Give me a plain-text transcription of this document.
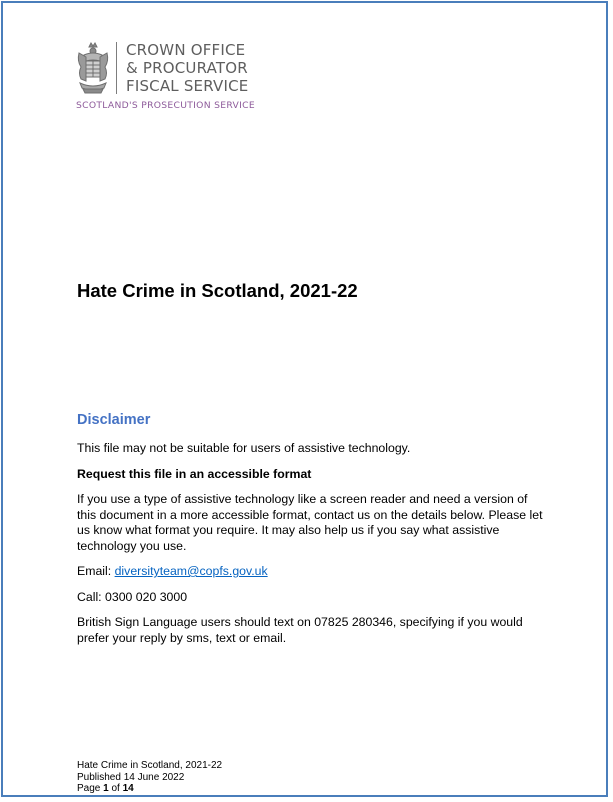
CROWN OFFICE
& PROCURATOR
FISCAL SERVICE
SCOTLAND'S PROSECUTION SERVICE
Hate Crime in Scotland, 2021-22
Disclaimer

This file may not be suitable for users of assistive technology.

Request this file in an accessible format

If you use a type of assistive technology like a screen reader and need a version of this document in a more accessible format, contact us on the details below. Please let us know what format you require. It may also help us if you say what assistive technology you use.

Email: diversityteam@copfs.gov.uk

Call: 0300 020 3000

British Sign Language users should text on 07825 280346, specifying if you would prefer your reply by sms, text or email.

Hate Crime in Scotland, 2021-22
Published 14 June 2022
Page 1 of 14
